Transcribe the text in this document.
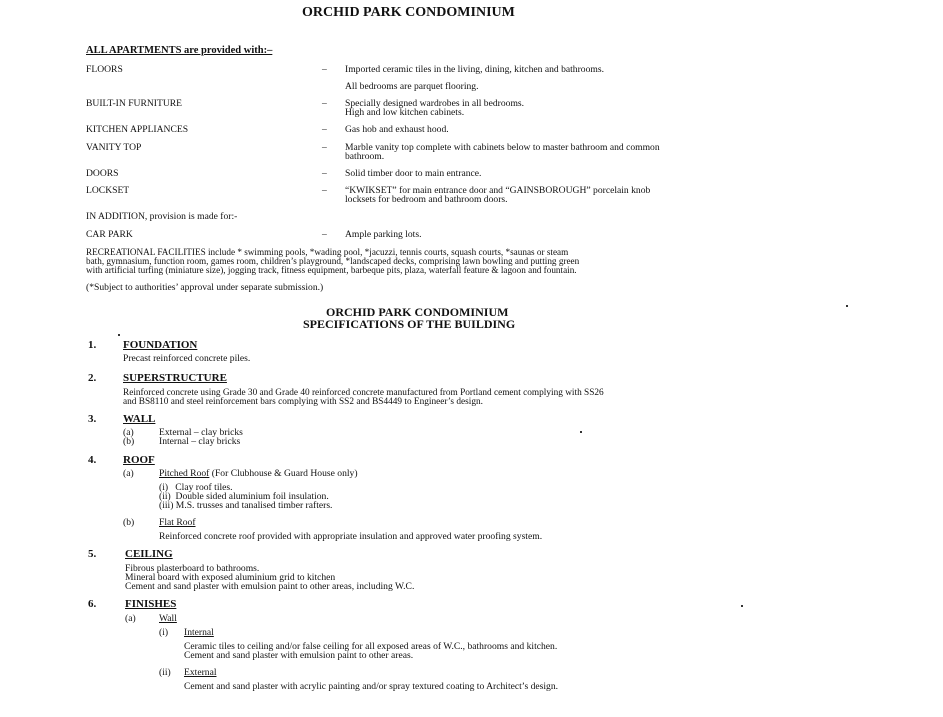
ORCHID PARK CONDOMINIUM
ALL APARTMENTS are provided with:–
FLOORS	– Imported ceramic tiles in the living, dining, kitchen and bathrooms.
All bedrooms are parquet flooring.
BUILT-IN FURNITURE	– Specially designed wardrobes in all bedrooms.
High and low kitchen cabinets.
KITCHEN APPLIANCES	– Gas hob and exhaust hood.
VANITY TOP	– Marble vanity top complete with cabinets below to master bathroom and common
bathroom.
DOORS	– Solid timber door to main entrance.
LOCKSET	– “KWIKSET” for main entrance door and “GAINSBOROUGH” porcelain knob
locksets for bedroom and bathroom doors.
IN ADDITION, provision is made for:-
CAR PARK	– Ample parking lots.
RECREATIONAL FACILITIES include * swimming pools, *wading pool, *jacuzzi, tennis courts, squash courts, *saunas or steam
bath, gymnasium, function room, games room, children’s playground, *landscaped decks, comprising lawn bowling and putting green
with artificial turfing (miniature size), jogging track, fitness equipment, barbeque pits, plaza, waterfall feature & lagoon and fountain.
(*Subject to authorities’ approval under separate submission.)
ORCHID PARK CONDOMINIUM
SPECIFICATIONS OF THE BUILDING
1. FOUNDATION
Precast reinforced concrete piles.
2. SUPERSTRUCTURE
Reinforced concrete using Grade 30 and Grade 40 reinforced concrete manufactured from Portland cement complying with SS26
and BS8110 and steel reinforcement bars complying with SS2 and BS4449 to Engineer’s design.
3. WALL
(a)	External – clay bricks
(b)	Internal – clay bricks
4. ROOF
(a)	Pitched Roof (For Clubhouse & Guard House only)
(i)   Clay roof tiles.
(ii)  Double sided aluminium foil insulation.
(iii) M.S. trusses and tanalised timber rafters.
(b)	Flat Roof
Reinforced concrete roof provided with appropriate insulation and approved water proofing system.
5.	CEILING
Fibrous plasterboard to bathrooms.
Mineral board with exposed aluminium grid to kitchen
Cement and sand plaster with emulsion paint to other areas, including W.C.
6.	FINISHES
(a) Wall
(i) Internal
Ceramic tiles to ceiling and/or false ceiling for all exposed areas of W.C., bathrooms and kitchen.
Cement and sand plaster with emulsion paint to other areas.
(ii) External
Cement and sand plaster with acrylic painting and/or spray textured coating to Architect’s design.
